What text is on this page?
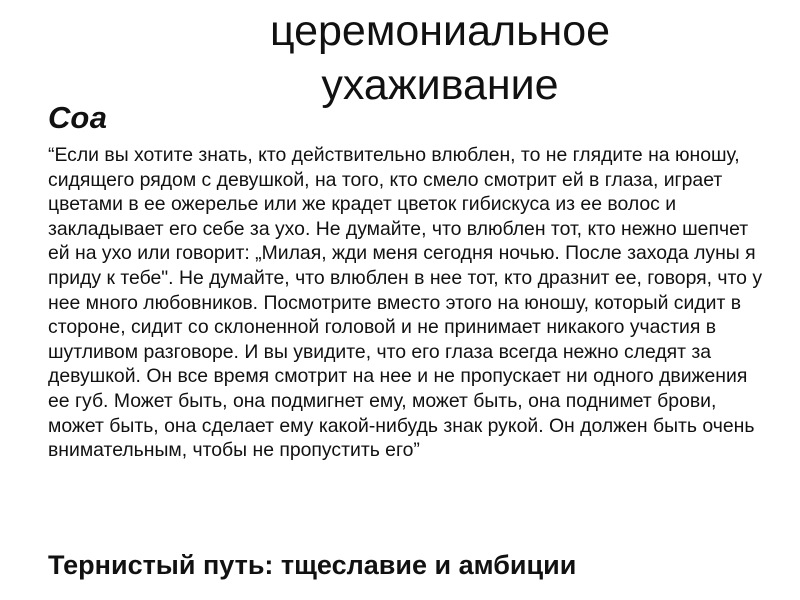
церемониальное ухаживание
Соа

“Если вы хотите знать, кто действительно влюблен, то не глядите на юношу, сидящего рядом с девушкой, на того, кто смело смотрит ей в глаза, играет цветами в ее ожерелье или же крадет цветок гибискуса из ее волос и закладывает его себе за ухо. Не думайте, что влюблен тот, кто нежно шепчет ей на ухо или говорит: „Милая, жди меня сегодня ночью. После захода луны я приду к тебе". Не думайте, что влюблен в нее тот, кто дразнит ее, говоря, что у нее много любовников. Посмотрите вместо этого на юношу, который сидит в стороне, сидит со склоненной головой и не принимает никакого участия в шутливом разговоре. И вы увидите, что его глаза всегда нежно следят за девушкой. Он все время смотрит на нее и не пропускает ни одного движения ее губ. Может быть, она подмигнет ему, может быть, она поднимет брови, может быть, она сделает ему какой-нибудь знак рукой. Он должен быть очень внимательным, чтобы не пропустить его”

Тернистый путь: тщеславие и амбиции
